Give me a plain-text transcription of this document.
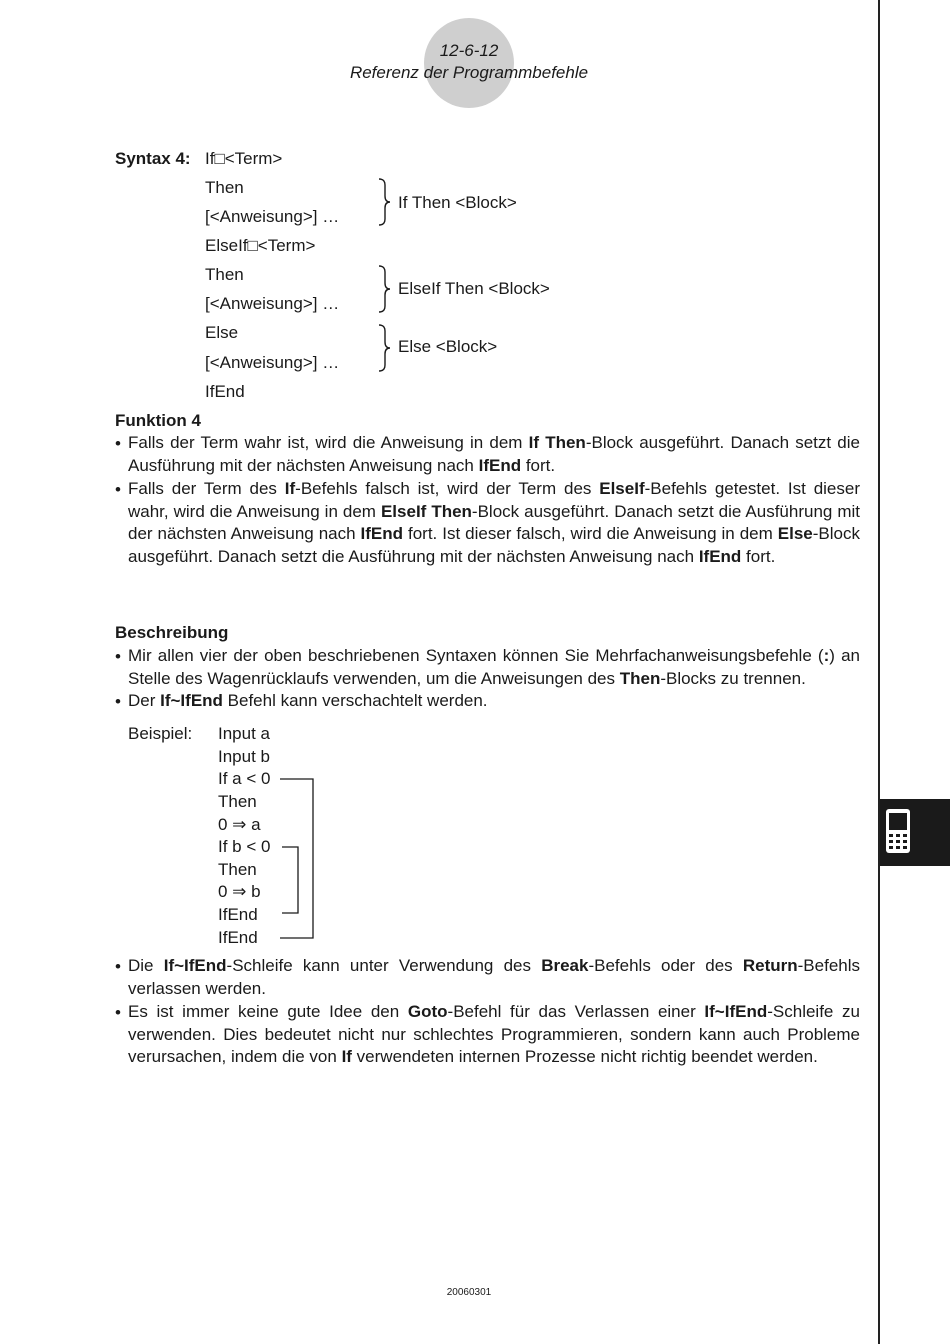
12-6-12
Referenz der Programmbefehle
Syntax 4: If□<Term>
Then
[<Anweisung>] …
ElseIf□<Term>
Then
[<Anweisung>] …
Else
[<Anweisung>] …
IfEnd
If Then <Block>
ElseIf Then <Block>
Else <Block>
Funktion 4
• Falls der Term wahr ist, wird die Anweisung in dem If Then-Block ausgeführt. Danach setzt die Ausführung mit der nächsten Anweisung nach IfEnd fort.
• Falls der Term des If-Befehls falsch ist, wird der Term des ElseIf-Befehls getestet. Ist dieser wahr, wird die Anweisung in dem ElseIf Then-Block ausgeführt. Danach setzt die Ausführung mit der nächsten Anweisung nach IfEnd fort. Ist dieser falsch, wird die Anweisung in dem Else-Block ausgeführt. Danach setzt die Ausführung mit der nächsten Anweisung nach IfEnd fort.
Beschreibung
• Mir allen vier der oben beschriebenen Syntaxen können Sie Mehrfachanweisungsbefehle (:) an Stelle des Wagenrücklaufs verwenden, um die Anweisungen des Then-Blocks zu trennen.
• Der If~IfEnd Befehl kann verschachtelt werden.
Beispiel: Input a
Input b
If a < 0
Then
0 ⇒ a
If b < 0
Then
0 ⇒ b
IfEnd
IfEnd
• Die If~IfEnd-Schleife kann unter Verwendung des Break-Befehls oder des Return-Befehls verlassen werden.
• Es ist immer keine gute Idee den Goto-Befehl für das Verlassen einer If~IfEnd-Schleife zu verwenden. Dies bedeutet nicht nur schlechtes Programmieren, sondern kann auch Probleme verursachen, indem die von If verwendeten internen Prozesse nicht richtig beendet werden.
20060301
